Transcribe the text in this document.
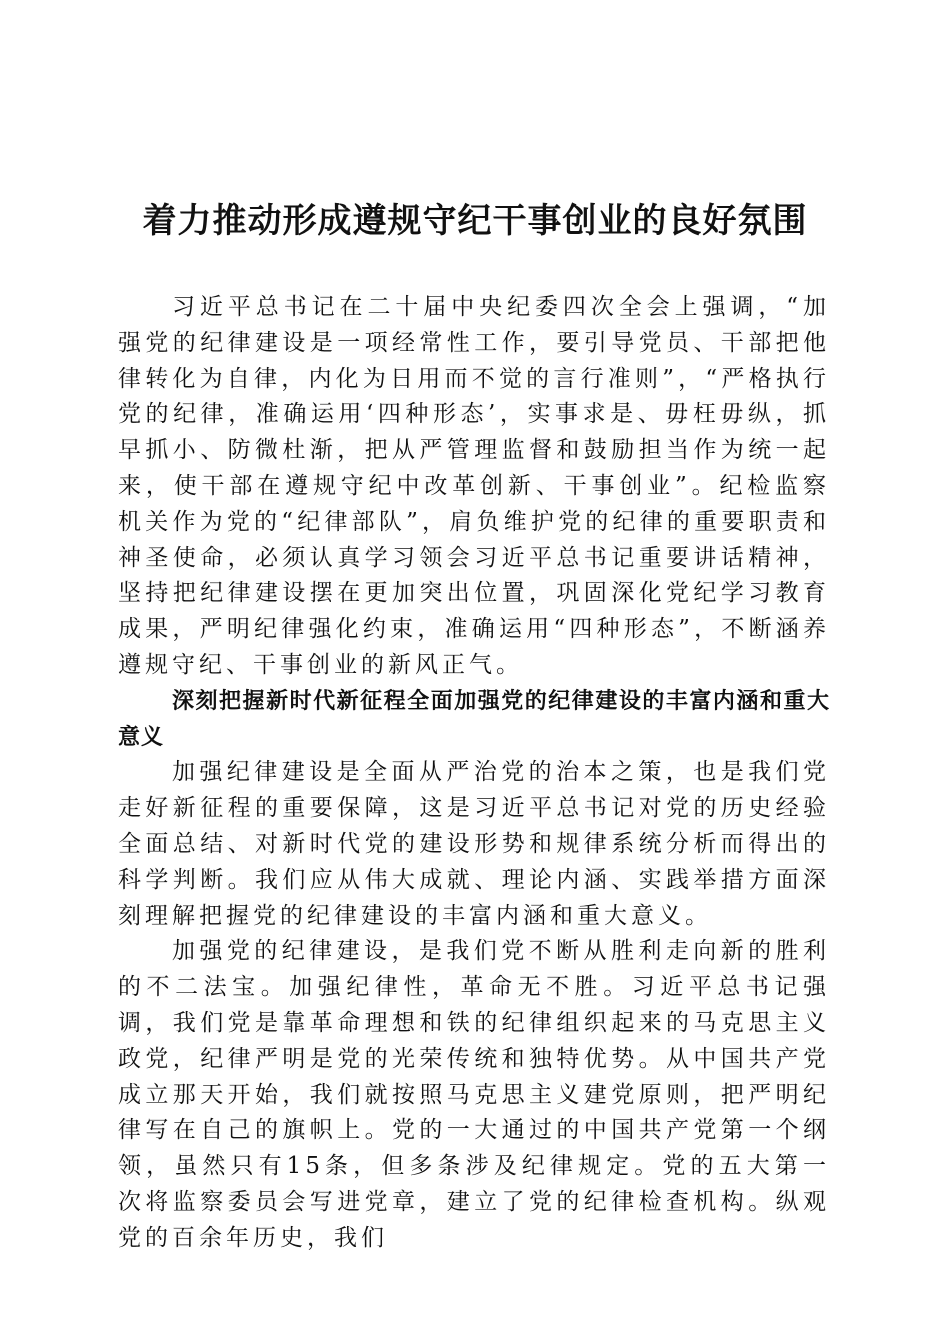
着力推动形成遵规守纪干事创业的良好氛围

习近平总书记在二十届中央纪委四次全会上强调，“加强党的纪律建设是一项经常性工作，要引导党员、干部把他律转化为自律，内化为日用而不觉的言行准则”，“严格执行党的纪律，准确运用‘四种形态’，实事求是、毋枉毋纵，抓早抓小、防微杜渐，把从严管理监督和鼓励担当作为统一起来，使干部在遵规守纪中改革创新、干事创业”。纪检监察机关作为党的“纪律部队”，肩负维护党的纪律的重要职责和神圣使命，必须认真学习领会习近平总书记重要讲话精神，坚持把纪律建设摆在更加突出位置，巩固深化党纪学习教育成果，严明纪律强化约束，准确运用“四种形态”，不断涵养遵规守纪、干事创业的新风正气。

深刻把握新时代新征程全面加强党的纪律建设的丰富内涵和重大意义

加强纪律建设是全面从严治党的治本之策，也是我们党走好新征程的重要保障，这是习近平总书记对党的历史经验全面总结、对新时代党的建设形势和规律系统分析而得出的科学判断。我们应从伟大成就、理论内涵、实践举措方面深刻理解把握党的纪律建设的丰富内涵和重大意义。

加强党的纪律建设，是我们党不断从胜利走向新的胜利的不二法宝。加强纪律性，革命无不胜。习近平总书记强调，我们党是靠革命理想和铁的纪律组织起来的马克思主义政党，纪律严明是党的光荣传统和独特优势。从中国共产党成立那天开始，我们就按照马克思主义建党原则，把严明纪律写在自己的旗帜上。党的一大通过的中国共产党第一个纲领，虽然只有15条，但多条涉及纪律规定。党的五大第一次将监察委员会写进党章，建立了党的纪律检查机构。纵观党的百余年历史，我们
